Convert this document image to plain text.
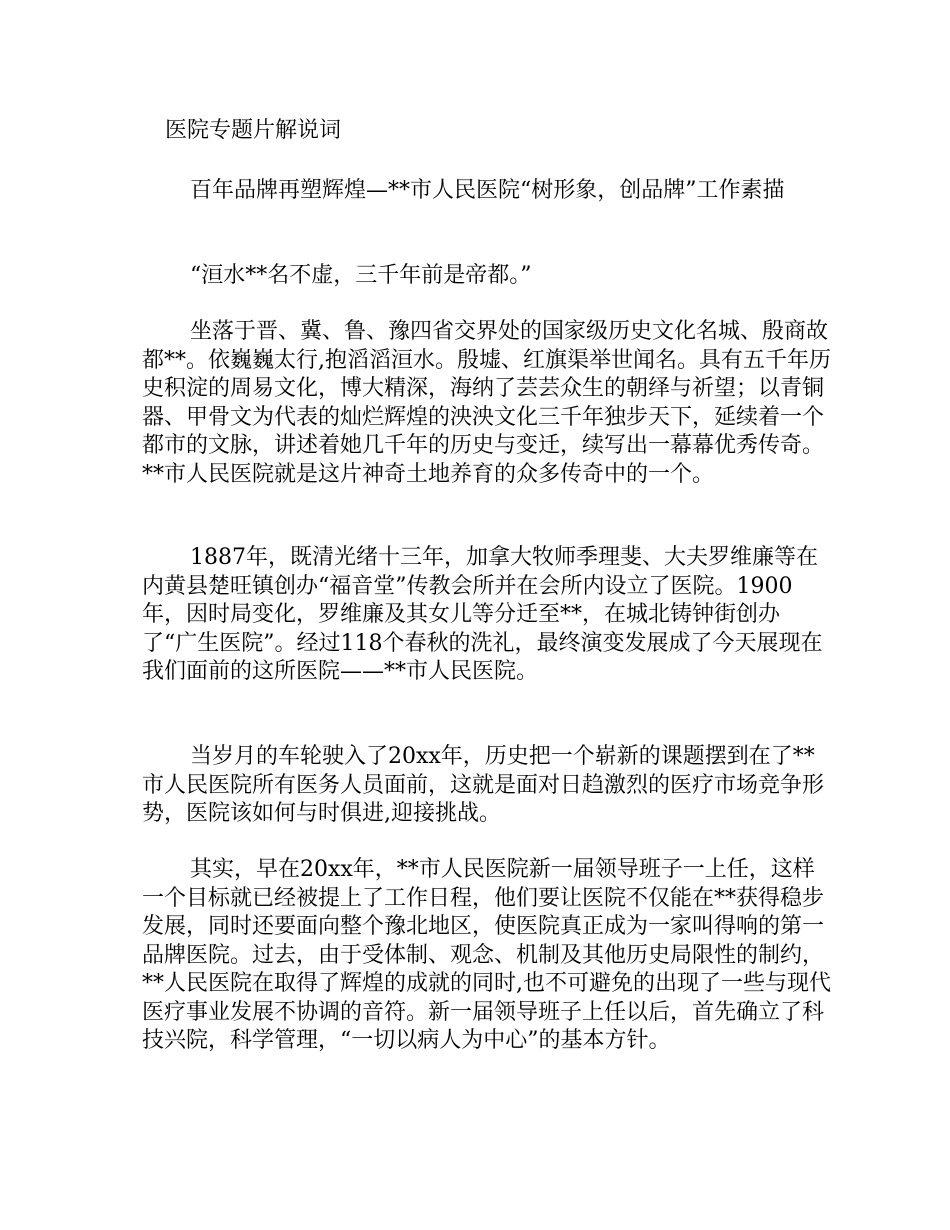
医院专题片解说词

百年品牌再塑辉煌—**市人民医院“树形象，创品牌”工作素描

“洹水**名不虚，三千年前是帝都。”

坐落于晋、冀、鲁、豫四省交界处的国家级历史文化名城、殷商故都**。依巍巍太行,抱滔滔洹水。殷墟、红旗渠举世闻名。具有五千年历史积淀的周易文化，博大精深，海纳了芸芸众生的朝绎与祈望；以青铜器、甲骨文为代表的灿烂辉煌的泱泱文化三千年独步天下，延续着一个都市的文脉，讲述着她几千年的历史与变迁，续写出一幕幕优秀传奇。**市人民医院就是这片神奇土地养育的众多传奇中的一个。

1887年，既清光绪十三年，加拿大牧师季理斐、大夫罗维廉等在内黄县楚旺镇创办“福音堂”传教会所并在会所内设立了医院。1900年，因时局变化，罗维廉及其女儿等分迁至**，在城北铸钟街创办了“广生医院”。经过118个春秋的洗礼，最终演变发展成了今天展现在我们面前的这所医院——**市人民医院。

当岁月的车轮驶入了20xx年，历史把一个崭新的课题摆到在了**市人民医院所有医务人员面前，这就是面对日趋激烈的医疗市场竞争形势，医院该如何与时俱进,迎接挑战。

其实，早在20xx年，**市人民医院新一届领导班子一上任，这样一个目标就已经被提上了工作日程，他们要让医院不仅能在**获得稳步发展，同时还要面向整个豫北地区，使医院真正成为一家叫得响的第一品牌医院。过去，由于受体制、观念、机制及其他历史局限性的制约，**人民医院在取得了辉煌的成就的同时,也不可避免的出现了一些与现代医疗事业发展不协调的音符。新一届领导班子上任以后，首先确立了科技兴院，科学管理，“一切以病人为中心”的基本方针。
